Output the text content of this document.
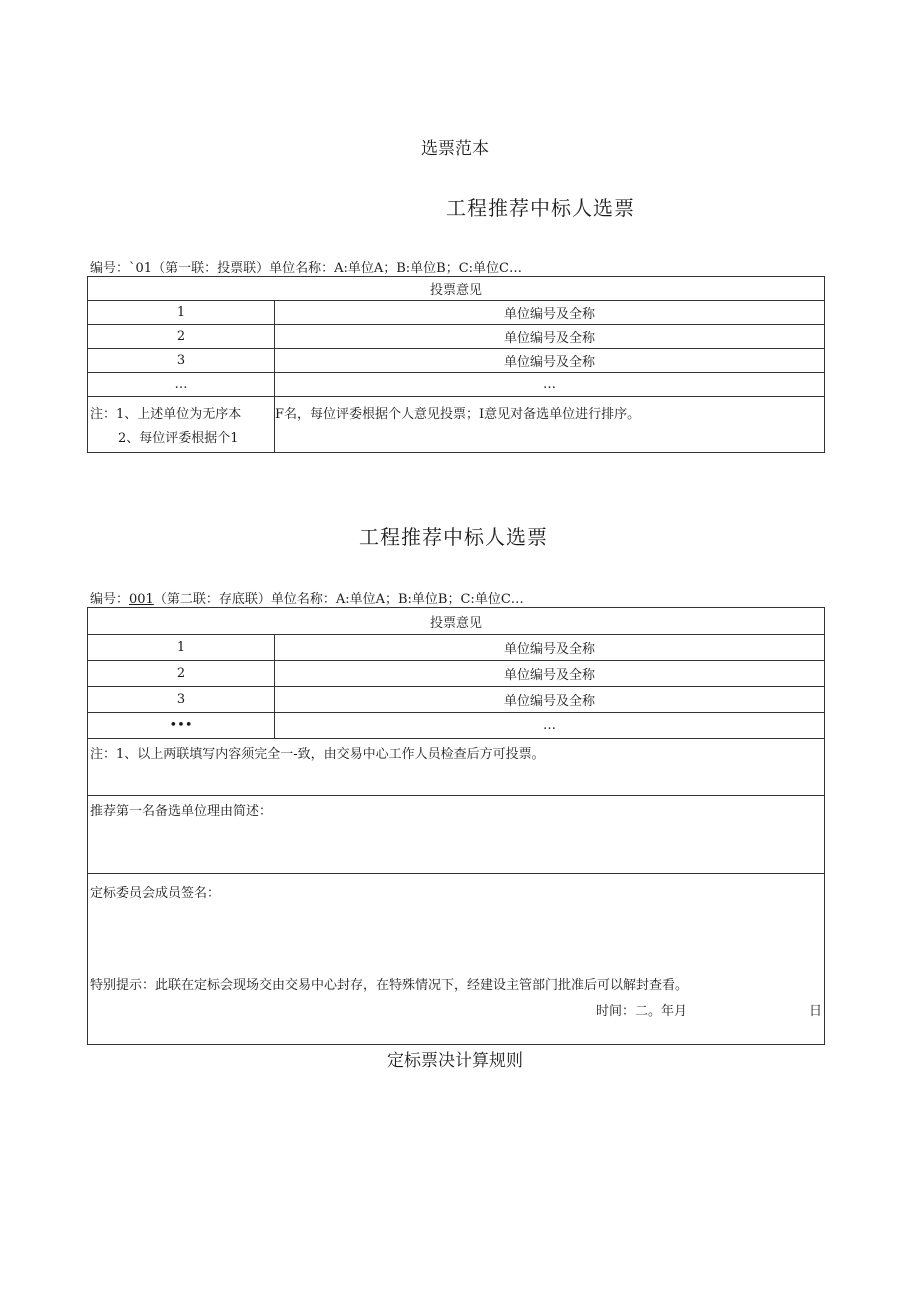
选票范本
工程推荐中标人选票
编号：`01（第一联：投票联）单位名称：A:单位A；B:单位B；C:单位C…
投票意见	
1	单位编号及全称
2	单位编号及全称
3	单位编号及全称
…	…

注：1、上述单位为无序本
2、每位评委根据个1	F名，每位评委根据个人意见投票；I意见对备选单位进行排序。
工程推荐中标人选票
编号：001（第二联：存底联）单位名称：A:单位A；B:单位B；C:单位C…
投票意见	
1	单位编号及全称
2	单位编号及全称
3	单位编号及全称
•••	…
注：1、以上两联填写内容须完全一-致，由交易中心工作人员检查后方可投票。	
推荐第一名备选单位理由简述：	

定标委员会成员签名：
特别提示：此联在定标会现场交由交易中心封存，在特殊情况下，经建设主管部门批准后可以解封查看。
时间：二。年月 日	
定标票决计算规则
